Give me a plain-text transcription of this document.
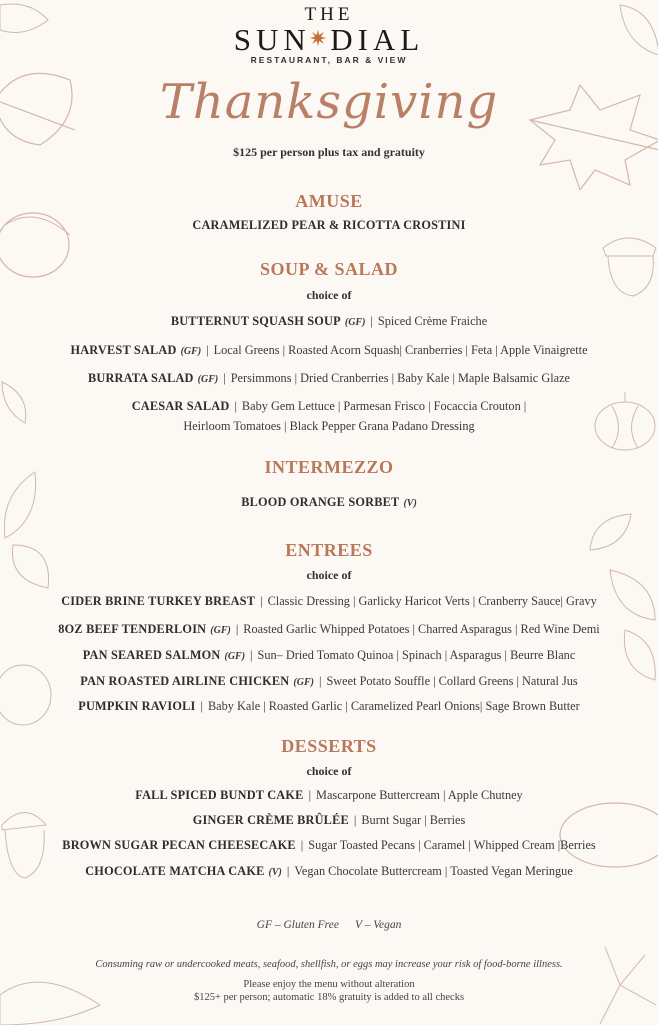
THE
SUN✷DIAL
RESTAURANT, BAR & VIEW
Thanksgiving
$125 per person plus tax and gratuity
AMUSE
CARAMELIZED PEAR & RICOTTA CROSTINI
SOUP & SALAD
choice of
BUTTERNUT SQUASH SOUP (GF) | Spiced Crème Fraiche
HARVEST SALAD (GF) | Local Greens | Roasted Acorn Squash| Cranberries | Feta | Apple Vinaigrette
BURRATA SALAD (GF) | Persimmons | Dried Cranberries | Baby Kale | Maple Balsamic Glaze
CAESAR SALAD | Baby Gem Lettuce | Parmesan Frisco | Focaccia Crouton |
Heirloom Tomatoes | Black Pepper Grana Padano Dressing
INTERMEZZO
BLOOD ORANGE SORBET (V)
ENTREES
choice of
CIDER BRINE TURKEY BREAST | Classic Dressing | Garlicky Haricot Verts | Cranberry Sauce| Gravy
8OZ BEEF TENDERLOIN (GF) | Roasted Garlic Whipped Potatoes | Charred Asparagus | Red Wine Demi
PAN SEARED SALMON (GF) | Sun– Dried Tomato Quinoa | Spinach | Asparagus | Beurre Blanc
PAN ROASTED AIRLINE CHICKEN (GF) | Sweet Potato Souffle | Collard Greens | Natural Jus
PUMPKIN RAVIOLI | Baby Kale | Roasted Garlic | Caramelized Pearl Onions| Sage Brown Butter
DESSERTS
choice of
FALL SPICED BUNDT CAKE | Mascarpone Buttercream | Apple Chutney
GINGER CRÈME BRÛLÉE | Burnt Sugar | Berries
BROWN SUGAR PECAN CHEESECAKE | Sugar Toasted Pecans | Caramel | Whipped Cream |Berries
CHOCOLATE MATCHA CAKE (V) | Vegan Chocolate Buttercream | Toasted Vegan Meringue
GF – Gluten Free V – Vegan
Consuming raw or undercooked meats, seafood, shellfish, or eggs may increase your risk of food-borne illness.
Please enjoy the menu without alteration
$125+ per person; automatic 18% gratuity is added to all checks
